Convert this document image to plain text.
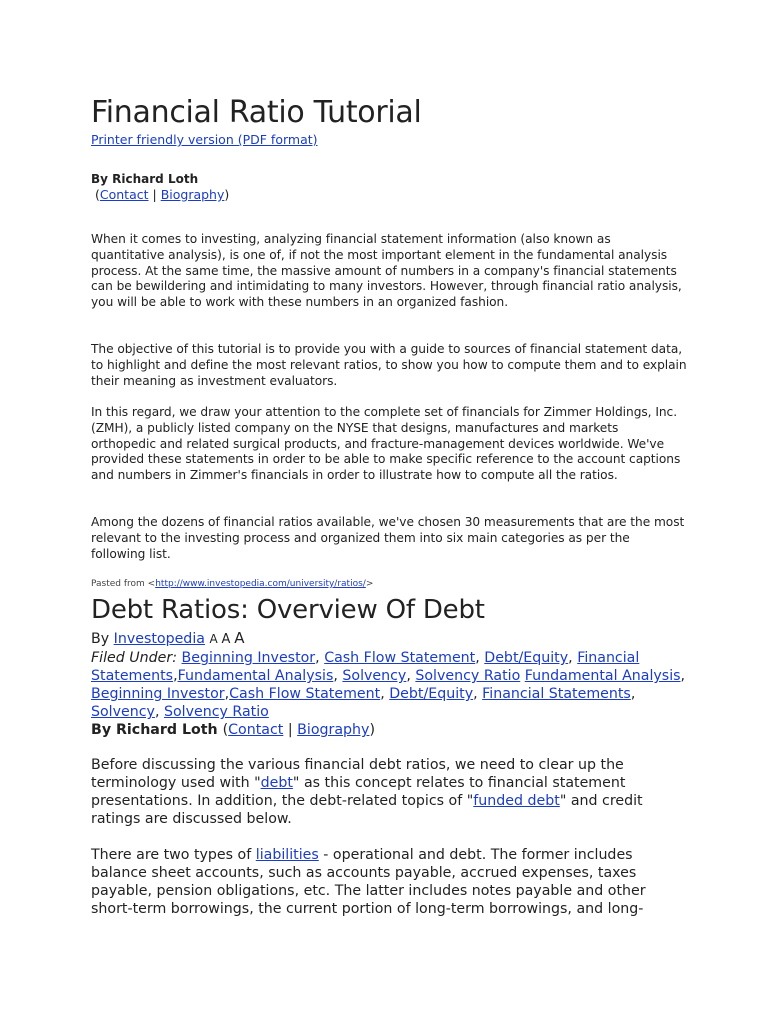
Financial Ratio Tutorial
Printer friendly version (PDF format)
By Richard Loth
(Contact | Biography)

When it comes to investing, analyzing financial statement information (also known as quantitative analysis), is one of, if not the most important element in the fundamental analysis process. At the same time, the massive amount of numbers in a company's financial statements can be bewildering and intimidating to many investors. However, through financial ratio analysis, you will be able to work with these numbers in an organized fashion.

The objective of this tutorial is to provide you with a guide to sources of financial statement data, to highlight and define the most relevant ratios, to show you how to compute them and to explain their meaning as investment evaluators.

In this regard, we draw your attention to the complete set of financials for Zimmer Holdings, Inc. (ZMH), a publicly listed company on the NYSE that designs, manufactures and markets orthopedic and related surgical products, and fracture-management devices worldwide. We've provided these statements in order to be able to make specific reference to the account captions and numbers in Zimmer's financials in order to illustrate how to compute all the ratios.

Among the dozens of financial ratios available, we've chosen 30 measurements that are the most relevant to the investing process and organized them into six main categories as per the following list.

Pasted from <http://www.investopedia.com/university/ratios/>
Debt Ratios: Overview Of Debt
By Investopedia A A A
Filed Under: Beginning Investor, Cash Flow Statement, Debt/Equity, Financial Statements,Fundamental Analysis, Solvency, Solvency Ratio Fundamental Analysis, Beginning Investor,Cash Flow Statement, Debt/Equity, Financial Statements, Solvency, Solvency Ratio
By Richard Loth (Contact | Biography)

Before discussing the various financial debt ratios, we need to clear up the terminology used with "debt" as this concept relates to financial statement presentations. In addition, the debt-related topics of "funded debt" and credit ratings are discussed below.

There are two types of liabilities - operational and debt. The former includes balance sheet accounts, such as accounts payable, accrued expenses, taxes payable, pension obligations, etc. The latter includes notes payable and other short-term borrowings, the current portion of long-term borrowings, and long-
